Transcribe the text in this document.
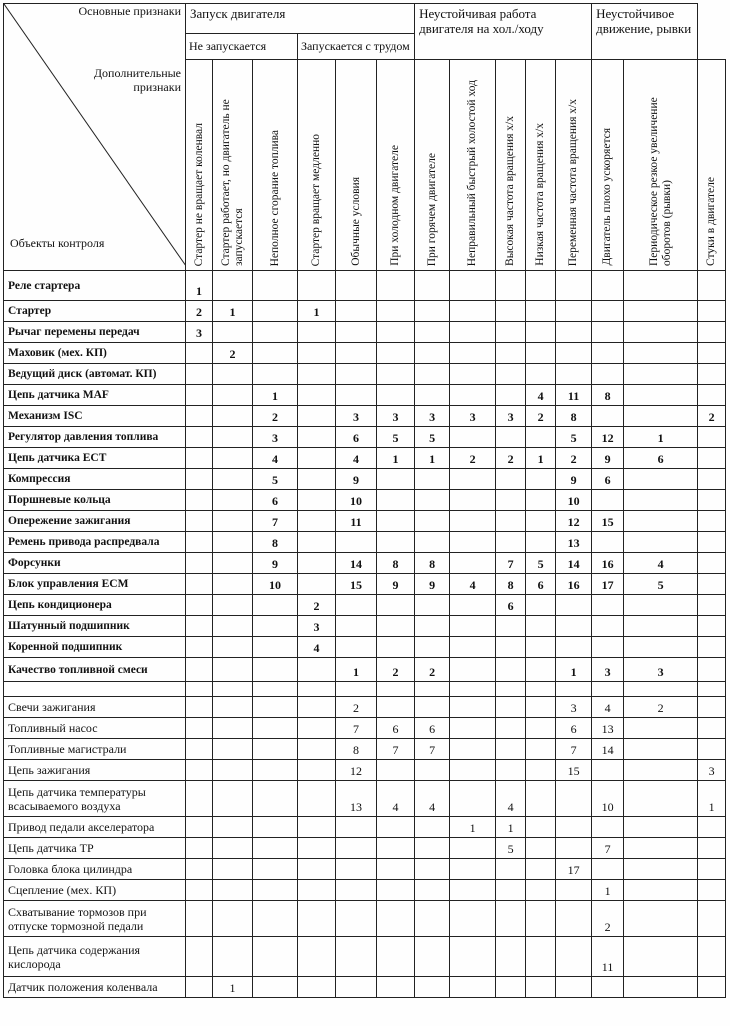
Основные признаки
Дополнительные признаки
Объекты контроля	Запуск двигателя						Неустойчивая работа двигателя на хол./ходу					Неустойчивое движение, рывки		
	Не запускается			Запускается с трудом										

	Стартер не вращает коленвал	Стартер работает, но двигатель не запускается	Неполное сгорание топлива	Стартер вращает медленно	Обычные условия	При холодном двигателе	При горячем двигателе	Неправильный быстрый холостой ход	Высокая частота вращения х/х	Низкая частота вращения х/х	Переменная частота вращения х/х	Двигатель плохо ускоряется	Периодическое резкое увеличение оборотов (рывки)	Стуки в двигателе

Реле стартера	1													
Стартер	2	1		1										
Рычаг перемены передач	3													
Маховик (мех. КП)		2												
Ведущий диск (автомат. КП)														
Цепь датчика MAF			1							4	11	8		
Механизм ISC			2		3	3	3	3	3	2	8			2
Регулятор давления топлива			3		6	5	5				5	12	1	
Цепь датчика ECT			4		4	1	1	2	2	1	2	9	6	
Компрессия			5		9						9	6		
Поршневые кольца			6		10						10			
Опережение зажигания			7		11						12	15		
Ремень привода распредвала			8								13			
Форсунки			9		14	8	8		7	5	14	16	4	
Блок управления ECM			10		15	9	9	4	8	6	16	17	5	
Цепь кондиционера				2					6					
Шатунный подшипник				3										
Коренной подшипник				4										
Качество топливной смеси					1	2	2				1	3	3	

Свечи зажигания					2						3	4	2	
Топливный насос					7	6	6				6	13		
Топливные магистрали					8	7	7				7	14		
Цепь зажигания					12						15			3
Цепь датчика температуры всасываемого воздуха					13	4	4		4			10		1
Привод педали акселератора								1	1					
Цепь датчика TP									5			7		
Головка блока цилиндра											17			
Сцепление (мех. КП)												1		
Схватывание тормозов при отпуске тормозной педали												2		
Цепь датчика содержания кислорода												11		
Датчик положения коленвала		1												
